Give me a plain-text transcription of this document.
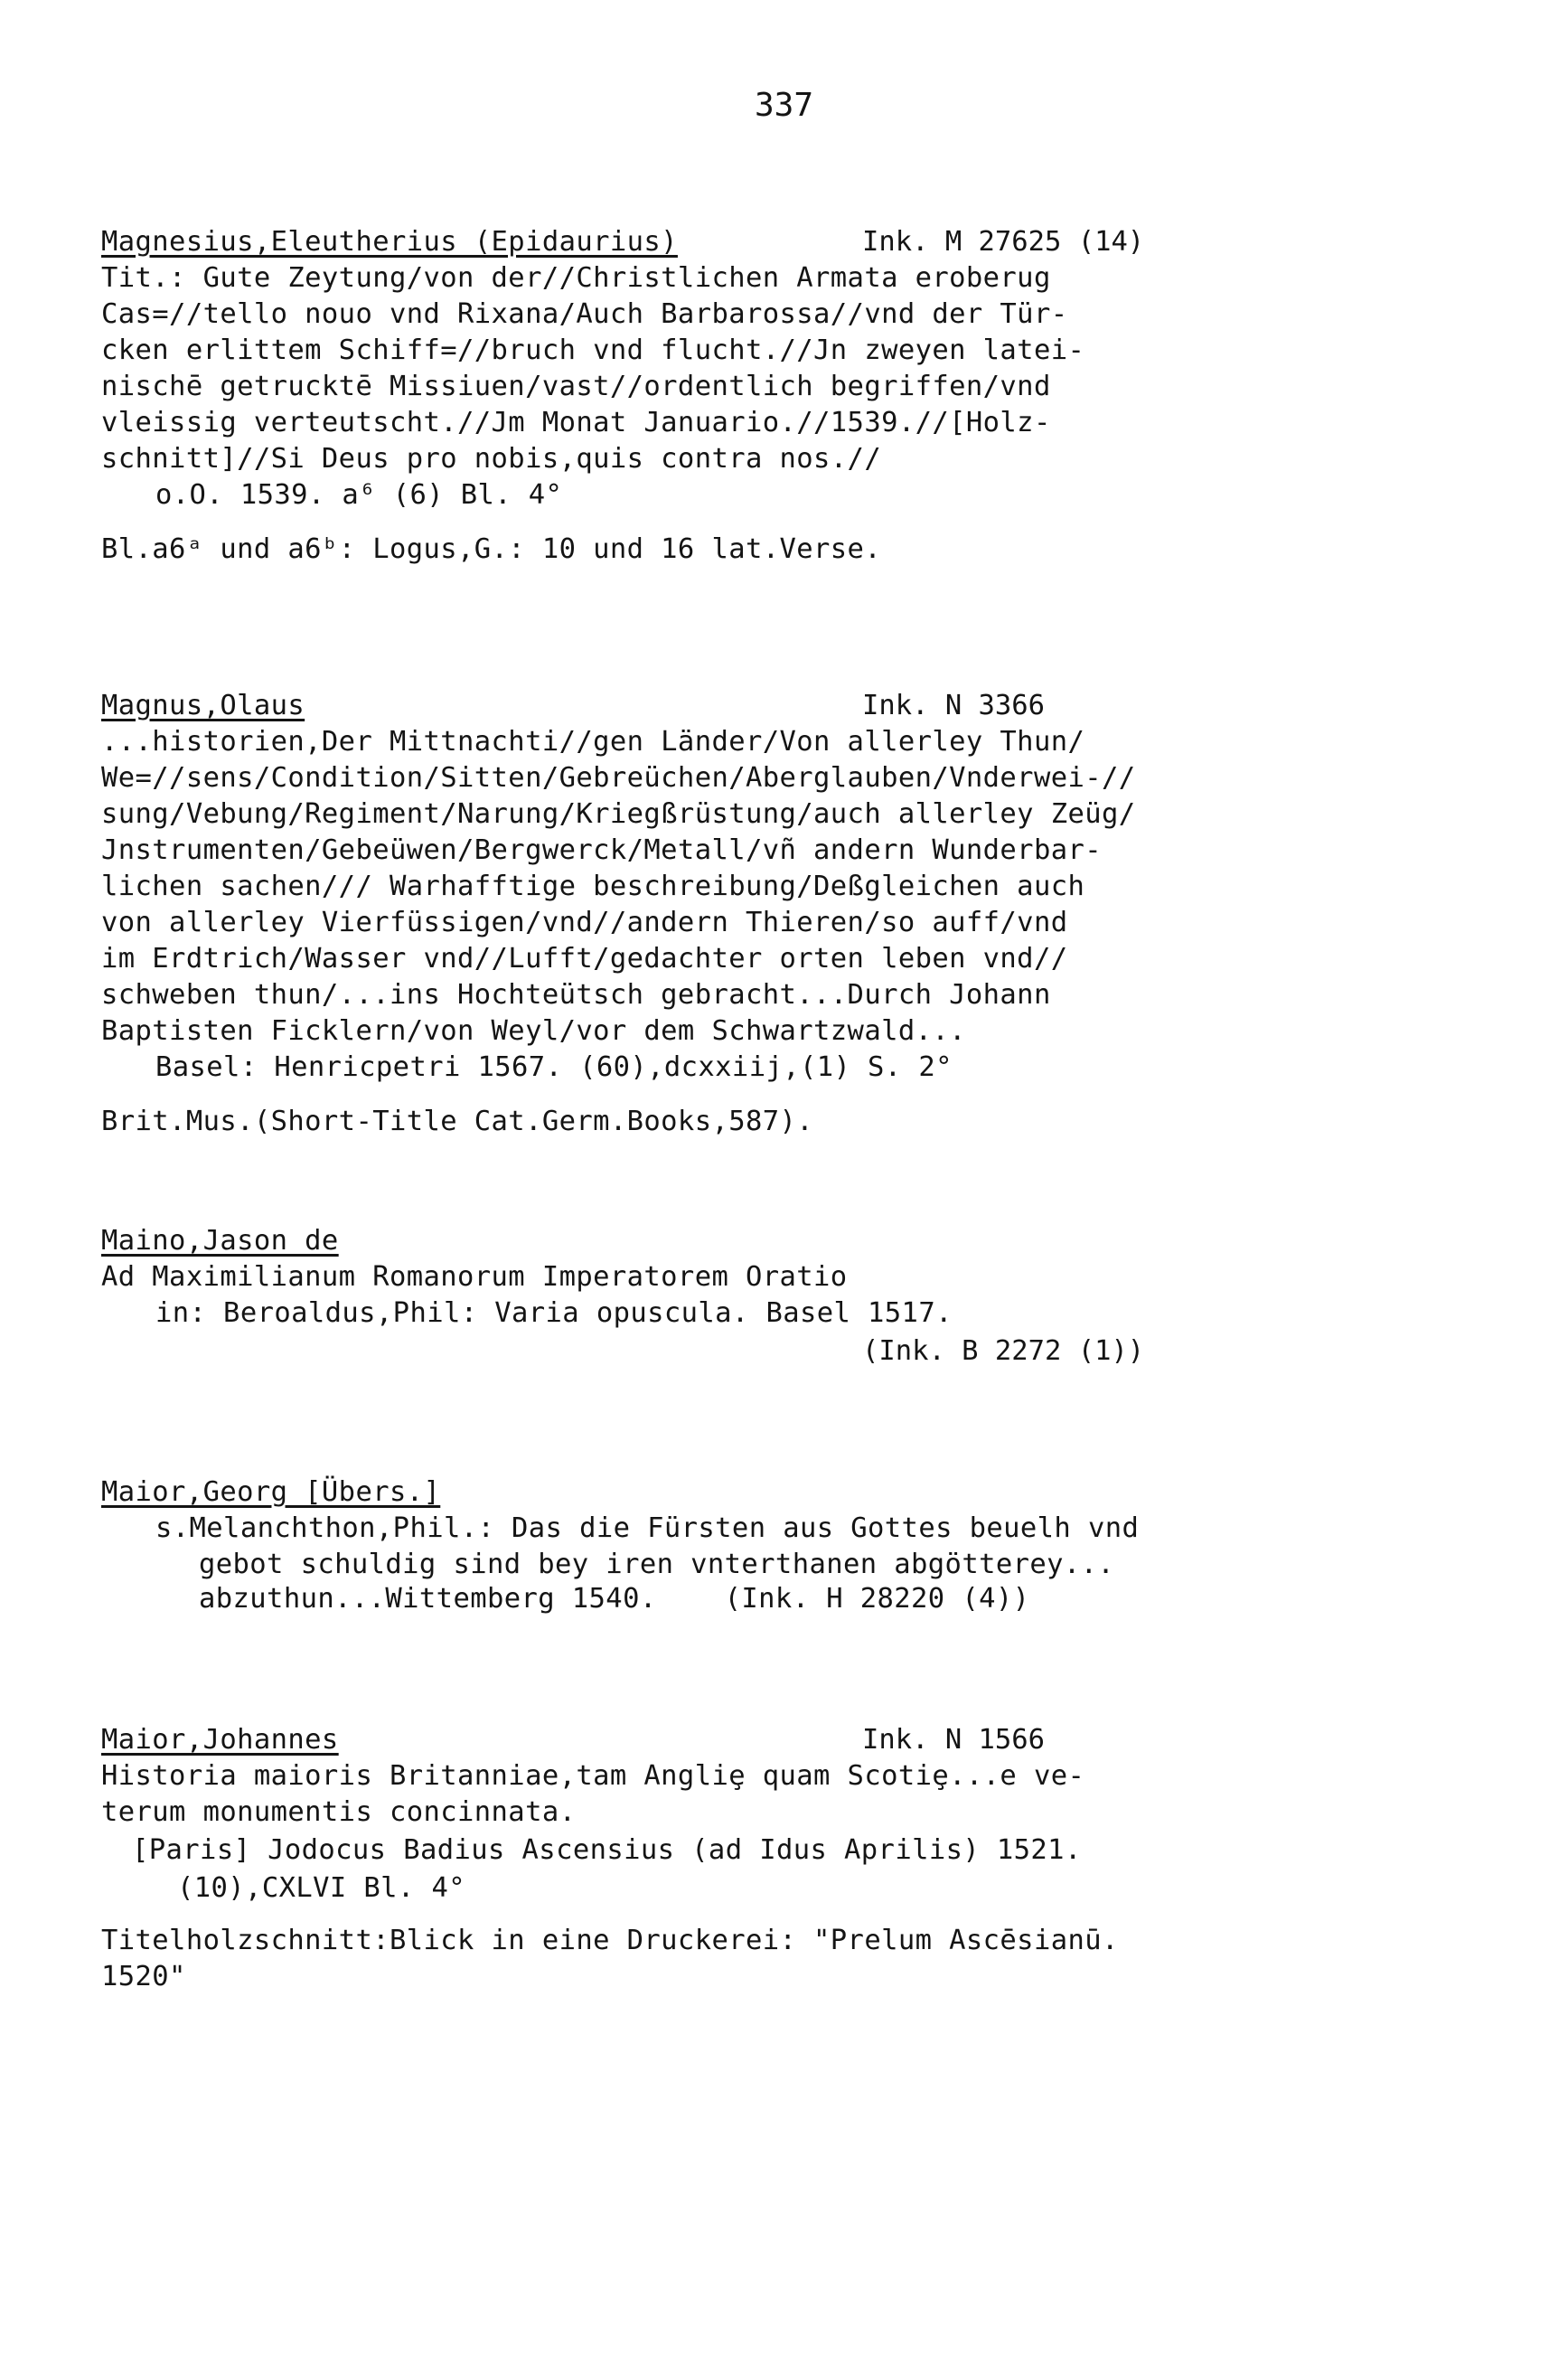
337
Magnesius,Eleutherius (Epidaurius)	Ink. M 27625 (14)
Tit.: Gute Zeytung/von der//Christlichen Armata eroberug
Cas=//tello nouo vnd Rixana/Auch Barbarossa//vnd der Tür-
cken erlittem Schiff=//bruch vnd flucht.//Jn zweyen latei-
nischē getrucktē Missiuen/vast//ordentlich begriffen/vnd
vleissig verteutscht.//Jm Monat Januario.//1539.//[Holz-
schnitt]//Si Deus pro nobis,quis contra nos.//
o.O. 1539. a⁶ (6) Bl. 4°
Bl.a6ᵃ und a6ᵇ: Logus,G.: 10 und 16 lat.Verse.
Magnus,Olaus	Ink. N 3366
...historien,Der Mittnachti//gen Länder/Von allerley Thun/
We=//sens/Condition/Sitten/Gebreüchen/Aberglauben/Vnderwei-//
sung/Vebung/Regiment/Narung/Kriegßrüstung/auch allerley Zeüg/
Jnstrumenten/Gebeüwen/Bergwerck/Metall/vñ andern Wunderbar-
lichen sachen/// Warhafftige beschreibung/Deßgleichen auch
von allerley Vierfüssigen/vnd//andern Thieren/so auff/vnd
im Erdtrich/Wasser vnd//Lufft/gedachter orten leben vnd//
schweben thun/...ins Hochteütsch gebracht...Durch Johann
Baptisten Ficklern/von Weyl/vor dem Schwartzwald...
Basel: Henricpetri 1567. (60),dcxxiij,(1) S. 2°
Brit.Mus.(Short-Title Cat.Germ.Books,587).
Maino,Jason de
Ad Maximilianum Romanorum Imperatorem Oratio
in: Beroaldus,Phil: Varia opuscula. Basel 1517.
(Ink. B 2272 (1))
Maior,Georg [Übers.]
s.Melanchthon,Phil.: Das die Fürsten aus Gottes beuelh vnd
gebot schuldig sind bey iren vnterthanen abgötterey...
abzuthun...Wittemberg 1540.    (Ink. H 28220 (4))
Maior,Johannes	Ink. N 1566
Historia maioris Britanniae,tam Angliȩ quam Scotiȩ...e ve-
terum monumentis concinnata.
[Paris] Jodocus Badius Ascensius (ad Idus Aprilis) 1521.
(10),CXLVI Bl. 4°
Titelholzschnitt:Blick in eine Druckerei: "Prelum Ascēsianū.
1520"
